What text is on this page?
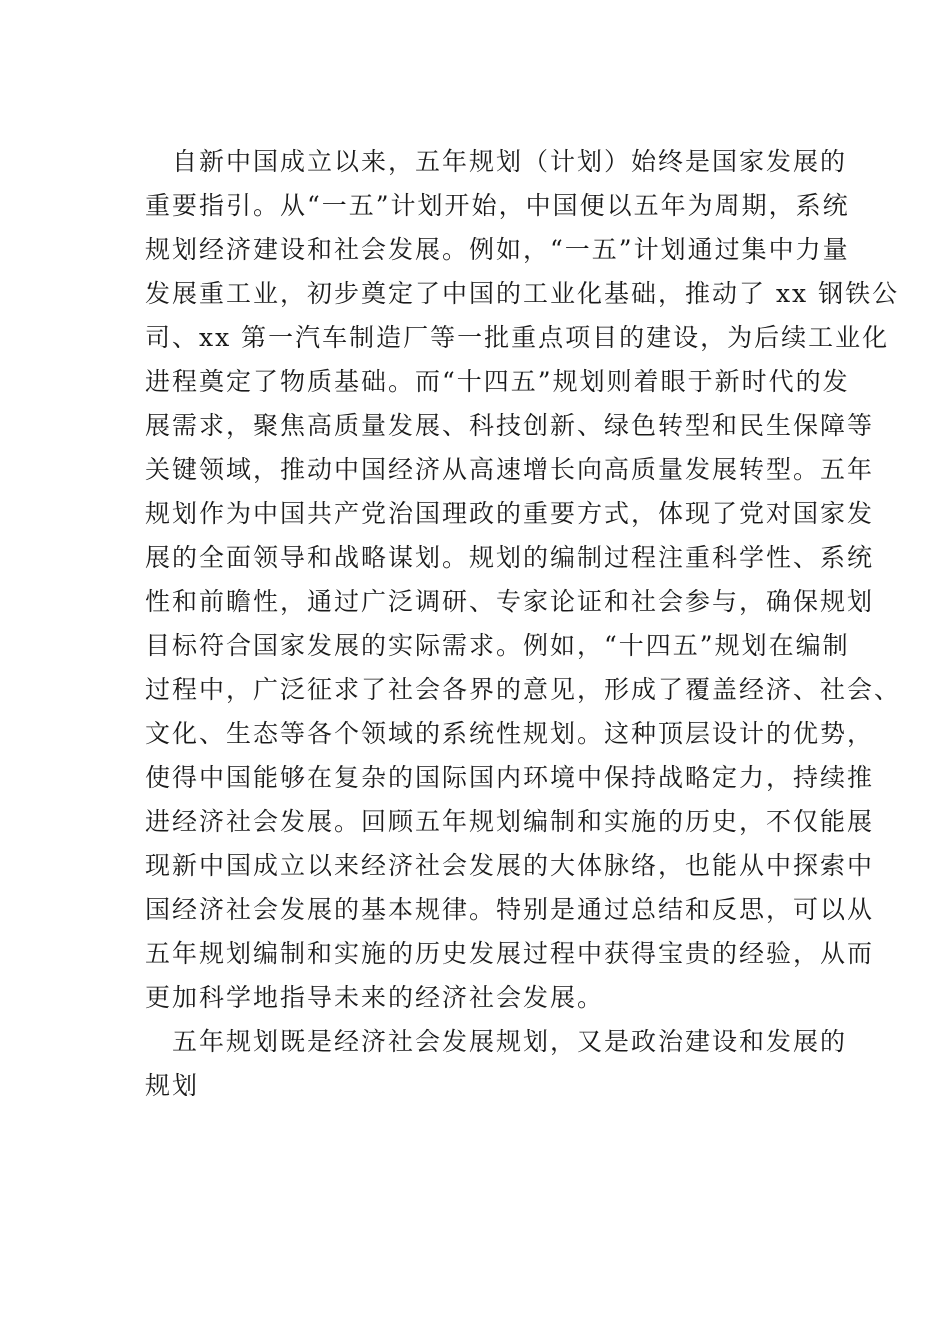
自新中国成立以来，五年规划（计划）始终是国家发展的
重要指引。从“一五”计划开始，中国便以五年为周期，系统
规划经济建设和社会发展。例如，“一五”计划通过集中力量
发展重工业，初步奠定了中国的工业化基础，推动了 xx 钢铁公
司、xx 第一汽车制造厂等一批重点项目的建设，为后续工业化
进程奠定了物质基础。而“十四五”规划则着眼于新时代的发
展需求，聚焦高质量发展、科技创新、绿色转型和民生保障等
关键领域，推动中国经济从高速增长向高质量发展转型。五年
规划作为中国共产党治国理政的重要方式，体现了党对国家发
展的全面领导和战略谋划。规划的编制过程注重科学性、系统
性和前瞻性，通过广泛调研、专家论证和社会参与，确保规划
目标符合国家发展的实际需求。例如，“十四五”规划在编制
过程中，广泛征求了社会各界的意见，形成了覆盖经济、社会、
文化、生态等各个领域的系统性规划。这种顶层设计的优势，
使得中国能够在复杂的国际国内环境中保持战略定力，持续推
进经济社会发展。回顾五年规划编制和实施的历史，不仅能展
现新中国成立以来经济社会发展的大体脉络，也能从中探索中
国经济社会发展的基本规律。特别是通过总结和反思，可以从
五年规划编制和实施的历史发展过程中获得宝贵的经验，从而
更加科学地指导未来的经济社会发展。
五年规划既是经济社会发展规划，又是政治建设和发展的
规划
